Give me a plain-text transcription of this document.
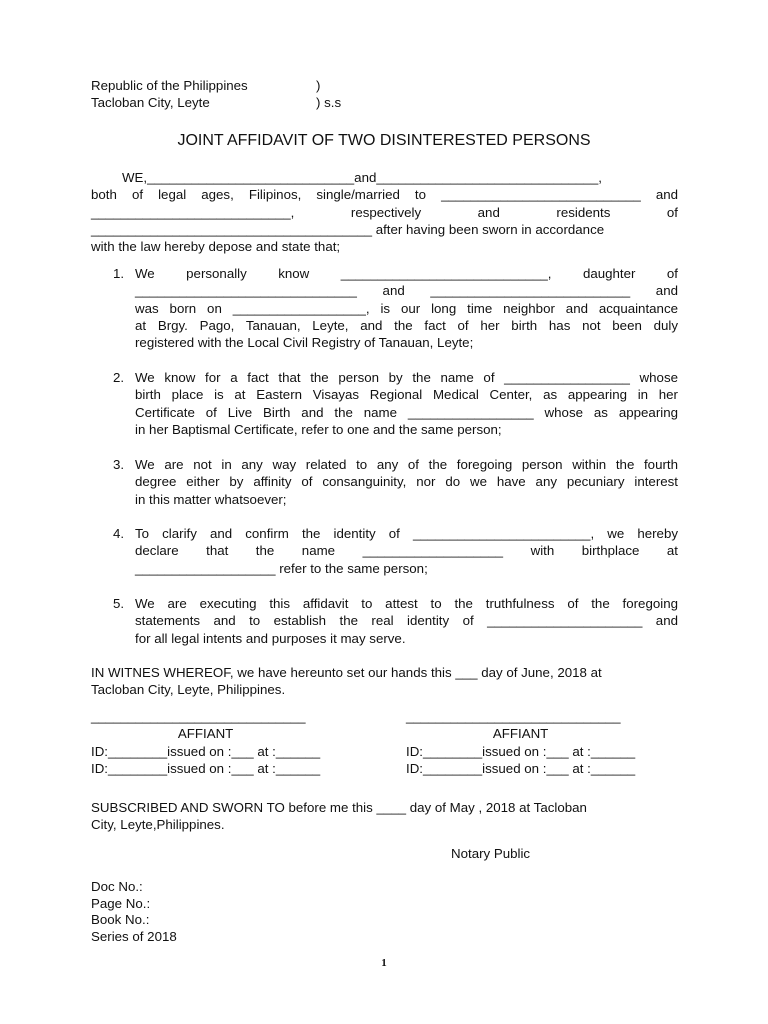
Republic of the Philippines	)
Tacloban City, Leyte	) s.s
JOINT AFFIDAVIT OF TWO DISINTERESTED PERSONS
WE,____________________________and______________________________,
both of legal ages, Filipinos, single/married to ___________________________ and
___________________________, respectively and residents of
______________________________________ after having been sworn in accordance
with the law hereby depose and state that;
1. We personally know ____________________________, daughter of

______________________________ and ___________________________ and

was born on __________________, is our long time neighbor and acquaintance

at Brgy. Pago, Tanauan, Leyte, and the fact of her birth has not been duly

registered with the Local Civil Registry of Tanauan, Leyte;

2. We know for a fact that the person by the name of _________________ whose

birth place is at Eastern Visayas Regional Medical Center, as appearing in her

Certificate of Live Birth and the name _________________ whose as appearing

in her Baptismal Certificate, refer to one and the same person;

3. We are not in any way related to any of the foregoing person within the fourth

degree either by affinity of consanguinity, nor do we have any pecuniary interest

in this matter whatsoever;

4. To clarify and confirm the identity of ________________________, we hereby

declare that the name ___________________ with birthplace at

___________________ refer to the same person;

5. We are executing this affidavit to attest to the truthfulness of the foregoing

statements and to establish the real identity of _____________________ and

for all legal intents and purposes it may serve.

IN WITNES WHEREOF, we have hereunto set our hands this ___ day of June, 2018 at
Tacloban City, Leyte, Philippines.
_____________________________
AFFIANT
ID:________issued on :___ at :______
ID:________issued on :___ at :______
_____________________________
AFFIANT
ID:________issued on :___ at :______
ID:________issued on :___ at :______
SUBSCRIBED AND SWORN TO before me this ____ day of May , 2018 at Tacloban
City, Leyte,Philippines.
Notary Public
Doc No.:
Page No.:
Book No.:
Series of 2018
1
